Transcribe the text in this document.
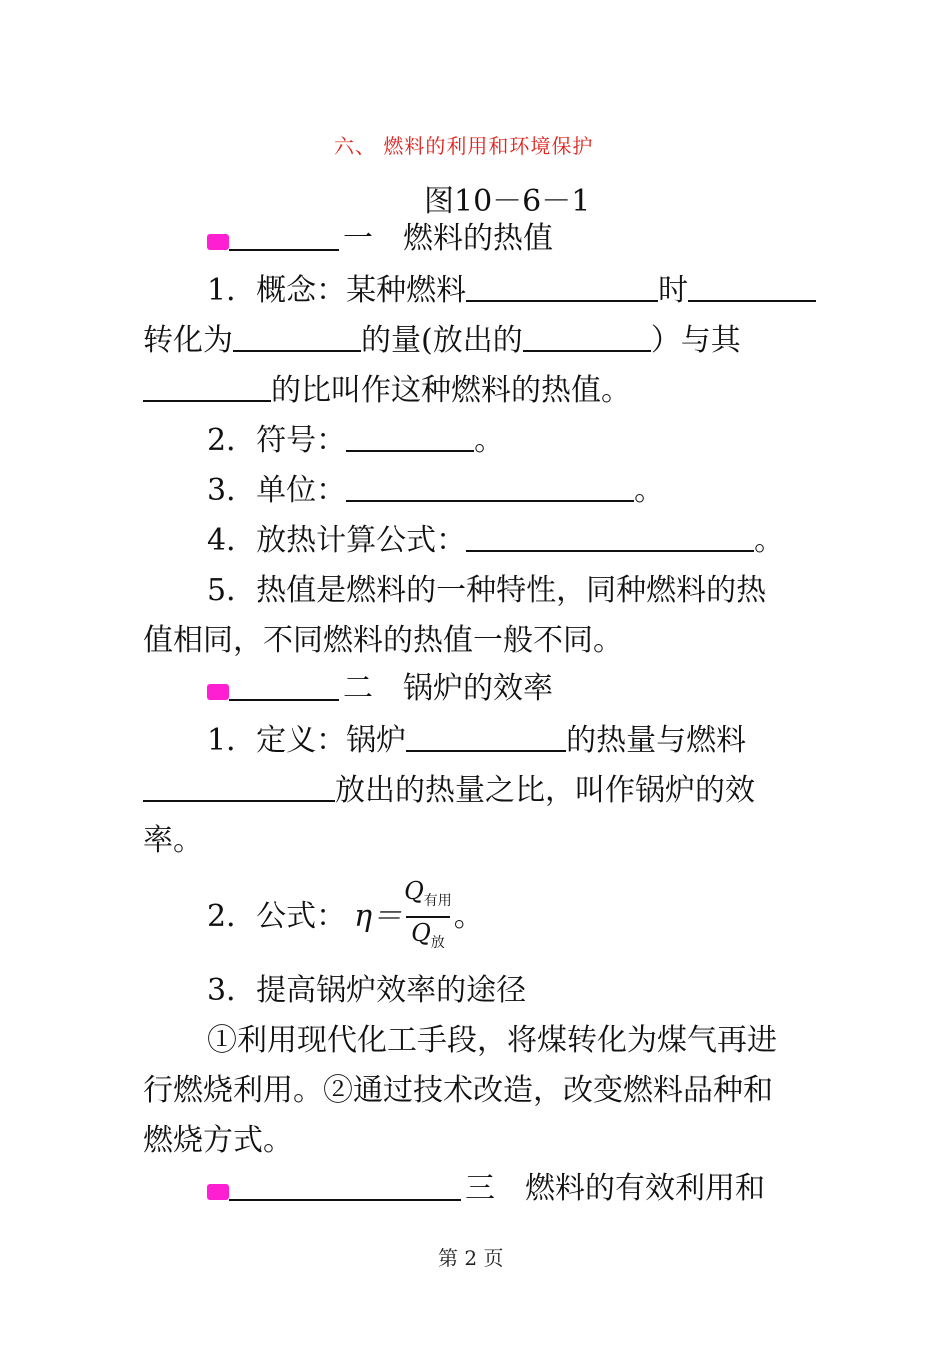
六、 燃料的利用和环境保护
图10－6－1
一　燃料的热值
1．概念：某种燃料	时
转化为	的量(放出的	）与其
的比叫作这种燃料的热值。
2．符号：	。
3．单位：	。
4．放热计算公式：	。
5．热值是燃料的一种特性，同种燃料的热
值相同，不同燃料的热值一般不同。
二　锅炉的效率
1．定义：锅炉	的热量与燃料
放出的热量之比，叫作锅炉的效
率。
2．公式： $\eta= \frac{Q_{有用}}{Q_放}$ 。
3．提高锅炉效率的途径
①利用现代化工手段，将煤转化为煤气再进
行燃烧利用。②通过技术改造，改变燃料品种和
燃烧方式。
三　燃料的有效利用和
第 2 页
